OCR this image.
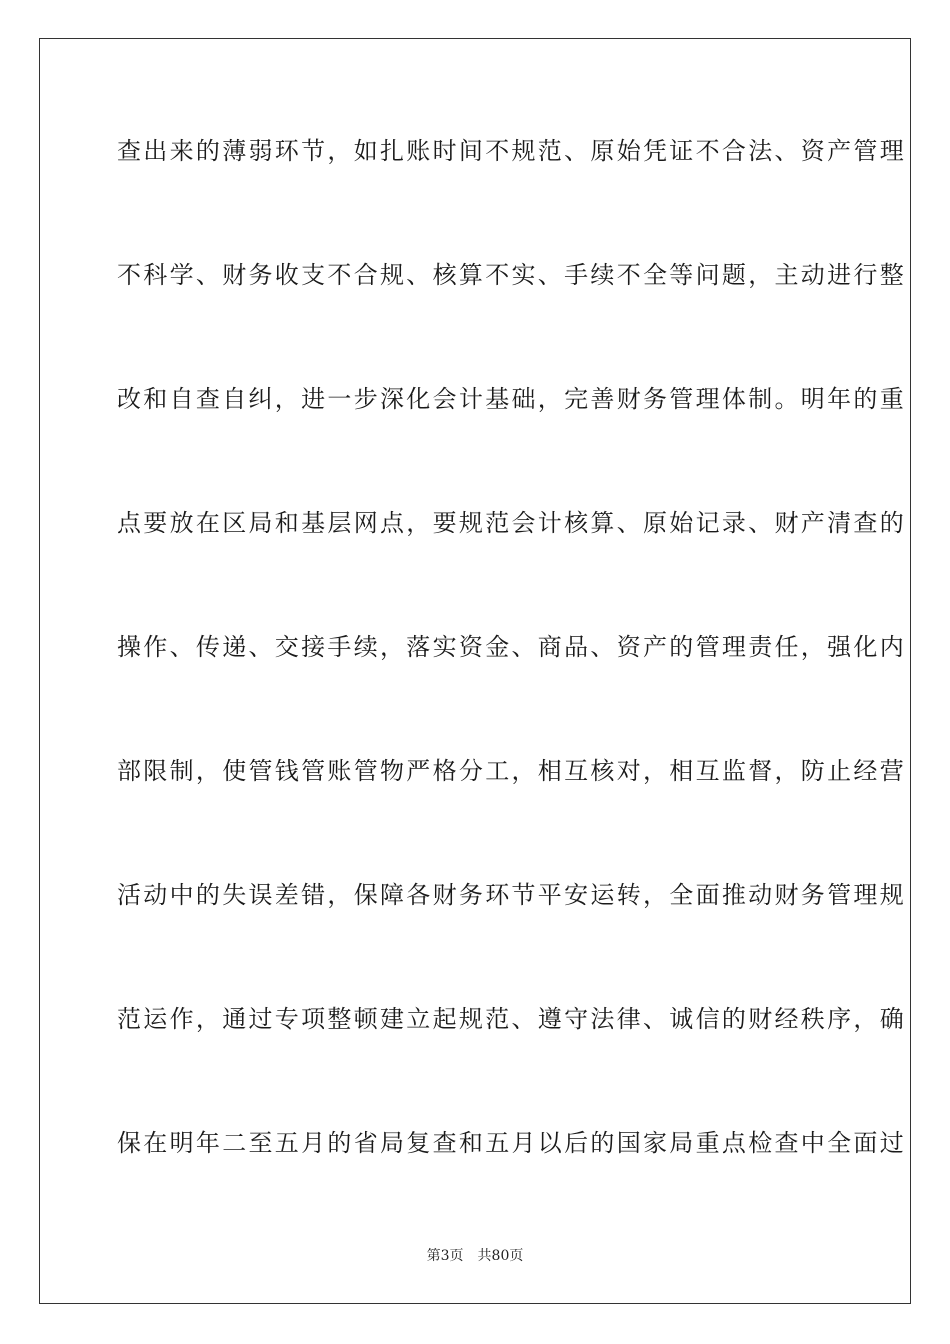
查出来的薄弱环节，如扎账时间不规范、原始凭证不合法、资产管理
不科学、财务收支不合规、核算不实、手续不全等问题，主动进行整
改和自查自纠，进一步深化会计基础，完善财务管理体制。明年的重
点要放在区局和基层网点，要规范会计核算、原始记录、财产清查的
操作、传递、交接手续，落实资金、商品、资产的管理责任，强化内
部限制，使管钱管账管物严格分工，相互核对，相互监督，防止经营
活动中的失误差错，保障各财务环节平安运转，全面推动财务管理规
范运作，通过专项整顿建立起规范、遵守法律、诚信的财经秩序，确
保在明年二至五月的省局复查和五月以后的国家局重点检查中全面过
第3页 共80页
